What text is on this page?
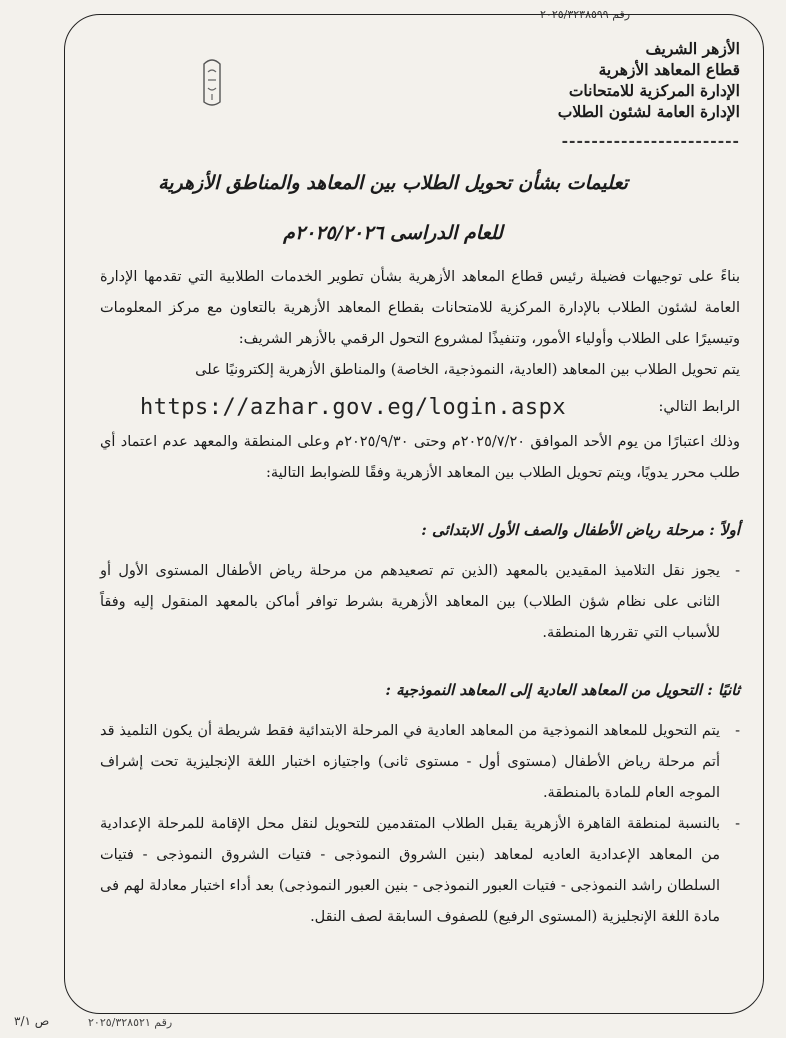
رقم ٢٠٢٥/٣٢٣٨٥٩٩
الأزهر الشريف
قطاع المعاهد الأزهرية
الإدارة المركزية للامتحانات
الإدارة العامة لشئون الطلاب
------------------------
تعليمات بشأن تحويل الطلاب بين المعاهد والمناطق الأزهرية
للعام الدراسى ٢٠٢٥/٢٠٢٦م

بناءً على توجيهات فضيلة رئيس قطاع المعاهد الأزهرية بشأن تطوير الخدمات الطلابية التي تقدمها الإدارة العامة لشئون الطلاب بالإدارة المركزية للامتحانات بقطاع المعاهد الأزهرية بالتعاون مع مركز المعلومات وتيسيرًا على الطلاب وأولياء الأمور، وتنفيذًا لمشروع التحول الرقمي بالأزهر الشريف:

يتم تحويل الطلاب بين المعاهد (العادية، النموذجية، الخاصة) والمناطق الأزهرية إلكترونيًا على

الرابط التالي:
https://azhar.gov.eg/login.aspx

وذلك اعتبارًا من يوم الأحد الموافق ٢٠٢٥/٧/٢٠م وحتى ٢٠٢٥/٩/٣٠م وعلى المنطقة والمعهد عدم اعتماد أي طلب محرر يدويًا، ويتم تحويل الطلاب بين المعاهد الأزهرية وفقًا للضوابط التالية:

أولاً : مرحلة رياض الأطفال والصف الأول الابتدائى :
- يجوز نقل التلاميذ المقيدين بالمعهد (الذين تم تصعيدهم من مرحلة رياض الأطفال المستوى الأول أو الثانى على نظام شؤن الطلاب) بين المعاهد الأزهرية بشرط توافر أماكن بالمعهد المنقول إليه وفقاً للأسباب التي تقررها المنطقة.
ثانيًا : التحويل من المعاهد العادية إلى المعاهد النموذجية :
- يتم التحويل للمعاهد النموذجية من المعاهد العادية في المرحلة الابتدائية فقط شريطة أن يكون التلميذ قد أتم مرحلة رياض الأطفال (مستوى أول - مستوى ثانى) واجتيازه اختبار اللغة الإنجليزية تحت إشراف الموجه العام للمادة بالمنطقة.
- بالنسبة لمنطقة القاهرة الأزهرية يقبل الطلاب المتقدمين للتحويل لنقل محل الإقامة للمرحلة الإعدادية من المعاهد الإعدادية العاديه لمعاهد (بنين الشروق النموذجى - فتيات الشروق النموذجى - فتيات السلطان راشد النموذجى - فتيات العبور النموذجى - بنين العبور النموذجى) بعد أداء اختبار معادلة لهم فى مادة اللغة الإنجليزية (المستوى الرفيع) للصفوف السابقة لصف النقل.
ص ٣/١	رقم ٢٠٢٥/٣٢٨٥٢١
